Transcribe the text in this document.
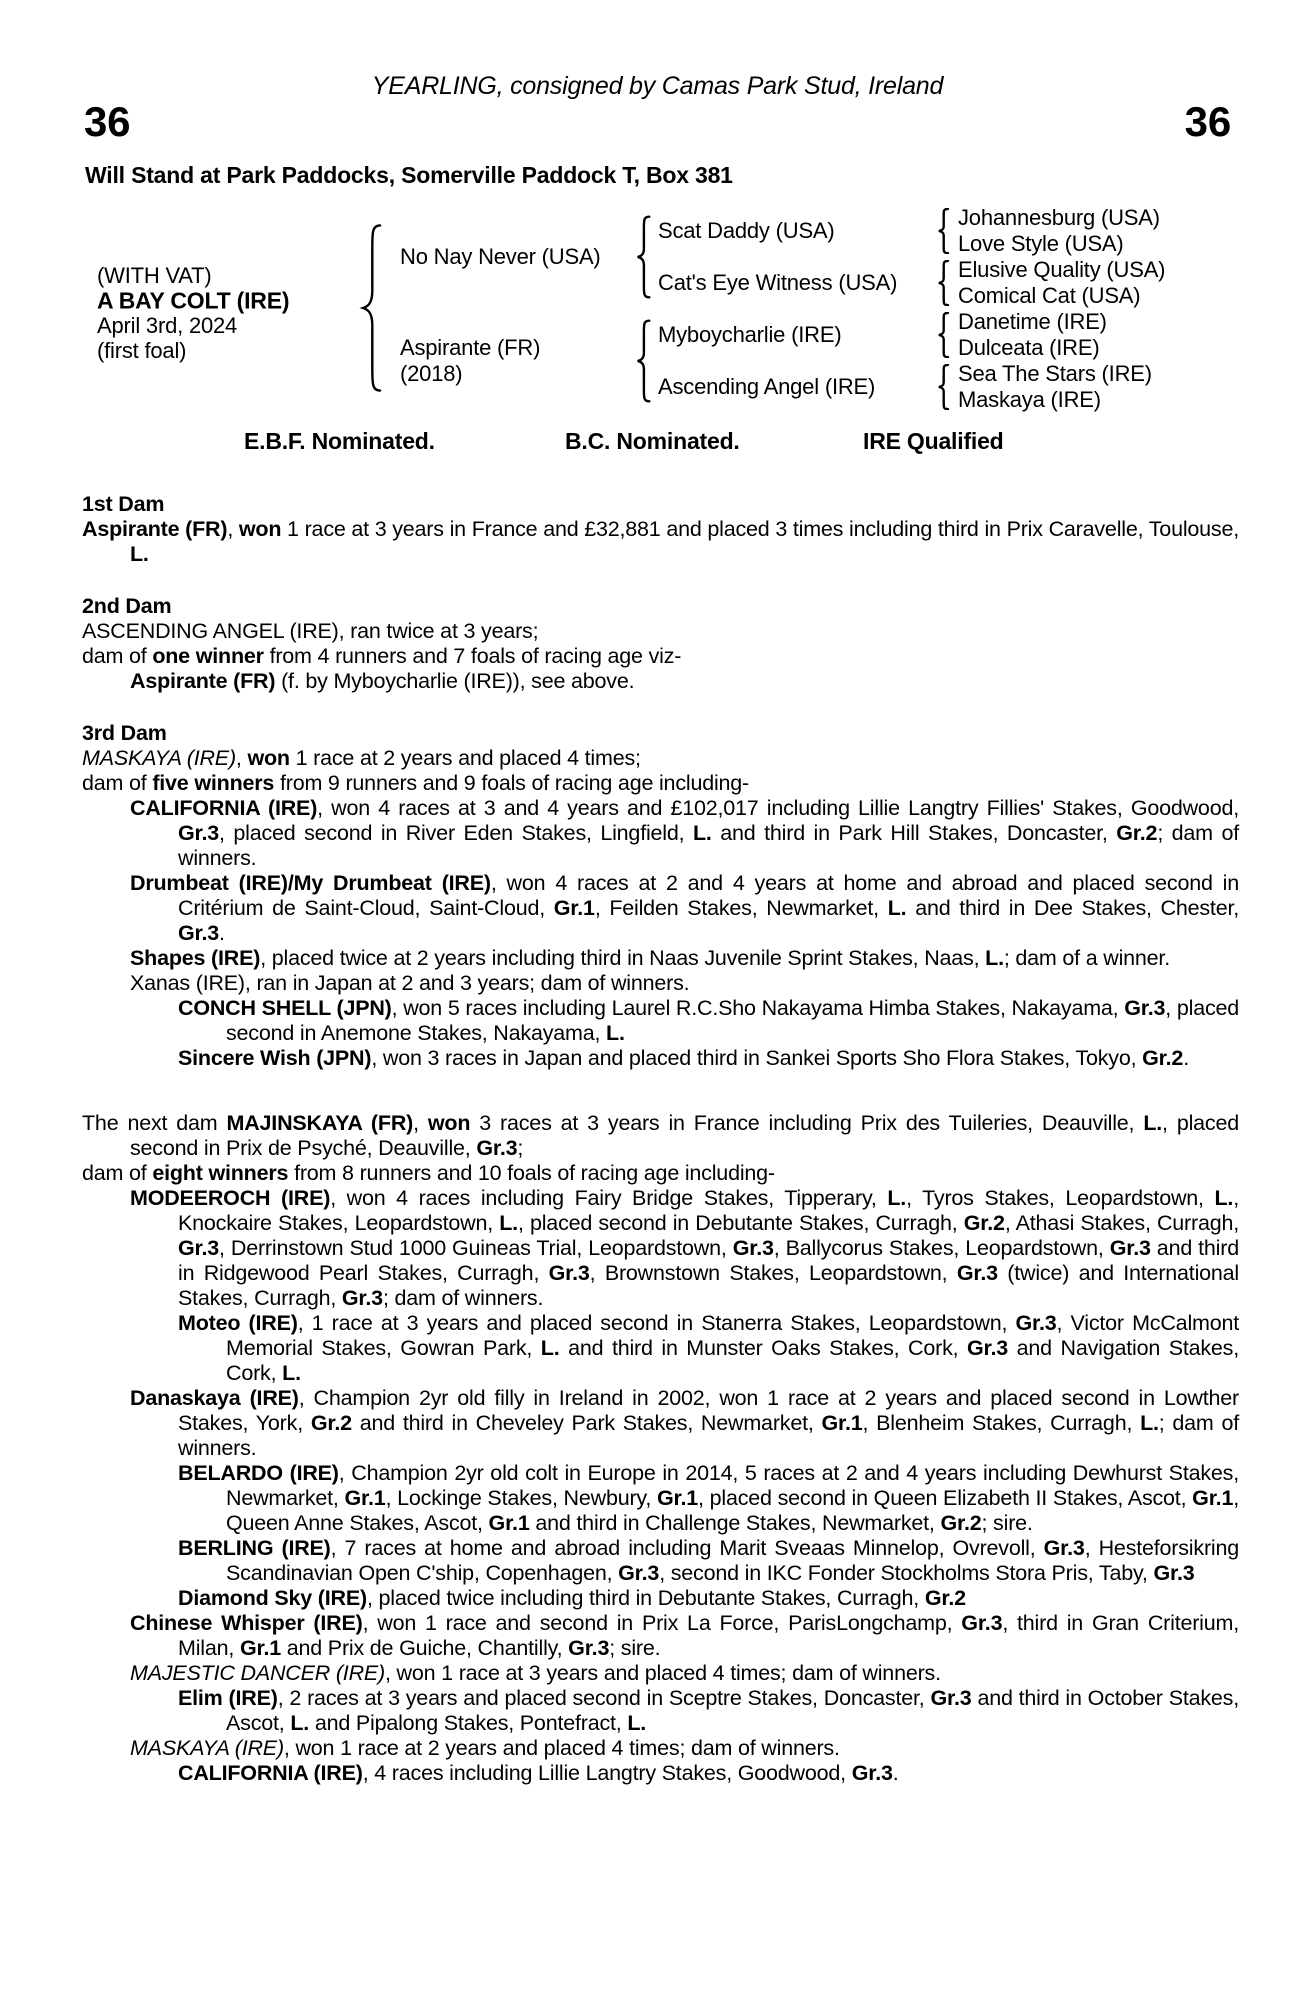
YEARLING, consigned by Camas Park Stud, Ireland
36	36
Will Stand at Park Paddocks, Somerville Paddock T, Box 381
(WITH VAT)
A BAY COLT (IRE)
April 3rd, 2024
(first foal)
No Nay Never (USA)
Aspirante (FR)
(2018)
Scat Daddy (USA)
Cat's Eye Witness (USA)
Myboycharlie (IRE)
Ascending Angel (IRE)
Johannesburg (USA)
Love Style (USA)
Elusive Quality (USA)
Comical Cat (USA)
Danetime (IRE)
Dulceata (IRE)
Sea The Stars (IRE)
Maskaya (IRE)
E.B.F. Nominated.	B.C. Nominated.	IRE Qualified
1st Dam
Aspirante (FR), won 1 race at 3 years in France and £32,881 and placed 3 times including third in Prix Caravelle, Toulouse, L.
2nd Dam
ASCENDING ANGEL (IRE), ran twice at 3 years;
dam of one winner from 4 runners and 7 foals of racing age viz-
Aspirante (FR) (f. by Myboycharlie (IRE)), see above.
3rd Dam
MASKAYA (IRE), won 1 race at 2 years and placed 4 times;
dam of five winners from 9 runners and 9 foals of racing age including-
CALIFORNIA (IRE), won 4 races at 3 and 4 years and £102,017 including Lillie Langtry Fillies' Stakes, Goodwood, Gr.3, placed second in River Eden Stakes, Lingfield, L. and third in Park Hill Stakes, Doncaster, Gr.2; dam of winners.
Drumbeat (IRE)/My Drumbeat (IRE), won 4 races at 2 and 4 years at home and abroad and placed second in Critérium de Saint-Cloud, Saint-Cloud, Gr.1, Feilden Stakes, Newmarket, L. and third in Dee Stakes, Chester, Gr.3.
Shapes (IRE), placed twice at 2 years including third in Naas Juvenile Sprint Stakes, Naas, L.; dam of a winner.
Xanas (IRE), ran in Japan at 2 and 3 years; dam of winners.
CONCH SHELL (JPN), won 5 races including Laurel R.C.Sho Nakayama Himba Stakes, Nakayama, Gr.3, placed second in Anemone Stakes, Nakayama, L.
Sincere Wish (JPN), won 3 races in Japan and placed third in Sankei Sports Sho Flora Stakes, Tokyo, Gr.2.
The next dam MAJINSKAYA (FR), won 3 races at 3 years in France including Prix des Tuileries, Deauville, L., placed second in Prix de Psyché, Deauville, Gr.3;
dam of eight winners from 8 runners and 10 foals of racing age including-
MODEEROCH (IRE), won 4 races including Fairy Bridge Stakes, Tipperary, L., Tyros Stakes, Leopardstown, L., Knockaire Stakes, Leopardstown, L., placed second in Debutante Stakes, Curragh, Gr.2, Athasi Stakes, Curragh, Gr.3, Derrinstown Stud 1000 Guineas Trial, Leopardstown, Gr.3, Ballycorus Stakes, Leopardstown, Gr.3 and third in Ridgewood Pearl Stakes, Curragh, Gr.3, Brownstown Stakes, Leopardstown, Gr.3 (twice) and International Stakes, Curragh, Gr.3; dam of winners.
Moteo (IRE), 1 race at 3 years and placed second in Stanerra Stakes, Leopardstown, Gr.3, Victor McCalmont Memorial Stakes, Gowran Park, L. and third in Munster Oaks Stakes, Cork, Gr.3 and Navigation Stakes, Cork, L.
Danaskaya (IRE), Champion 2yr old filly in Ireland in 2002, won 1 race at 2 years and placed second in Lowther Stakes, York, Gr.2 and third in Cheveley Park Stakes, Newmarket, Gr.1, Blenheim Stakes, Curragh, L.; dam of winners.
BELARDO (IRE), Champion 2yr old colt in Europe in 2014, 5 races at 2 and 4 years including Dewhurst Stakes, Newmarket, Gr.1, Lockinge Stakes, Newbury, Gr.1, placed second in Queen Elizabeth II Stakes, Ascot, Gr.1, Queen Anne Stakes, Ascot, Gr.1 and third in Challenge Stakes, Newmarket, Gr.2; sire.
BERLING (IRE), 7 races at home and abroad including Marit Sveaas Minnelop, Ovrevoll, Gr.3, Hesteforsikring Scandinavian Open C'ship, Copenhagen, Gr.3, second in IKC Fonder Stockholms Stora Pris, Taby, Gr.3
Diamond Sky (IRE), placed twice including third in Debutante Stakes, Curragh, Gr.2
Chinese Whisper (IRE), won 1 race and second in Prix La Force, ParisLongchamp, Gr.3, third in Gran Criterium, Milan, Gr.1 and Prix de Guiche, Chantilly, Gr.3; sire.
MAJESTIC DANCER (IRE), won 1 race at 3 years and placed 4 times; dam of winners.
Elim (IRE), 2 races at 3 years and placed second in Sceptre Stakes, Doncaster, Gr.3 and third in October Stakes, Ascot, L. and Pipalong Stakes, Pontefract, L.
MASKAYA (IRE), won 1 race at 2 years and placed 4 times; dam of winners.
CALIFORNIA (IRE), 4 races including Lillie Langtry Stakes, Goodwood, Gr.3.
